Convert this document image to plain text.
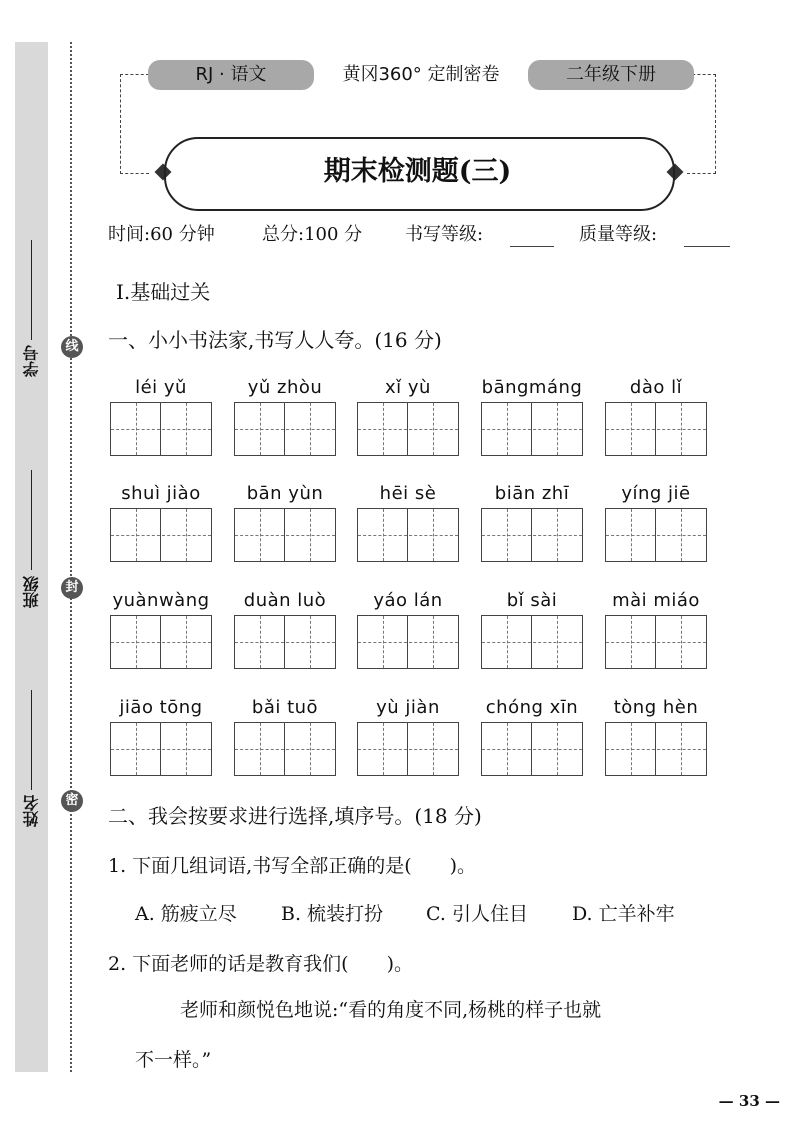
学号
班级
姓名
线
封
密
RJ · 语文	黄冈360° 定制密卷	二年级下册
期末检测题(三)
时间:60 分钟	总分:100 分 书写等级:	质量等级:
Ⅰ.基础过关
一、小小书法家,书写人人夸。(16 分)
léi yǔ	yǔ zhòu	xǐ yù	bāngmáng	dào lǐ
shuì jiào	bān yùn	hēi sè	biān zhī	yíng jiē
yuànwàng	duàn luò	yáo lán	bǐ sài	mài miáo
jiāo tōng	bǎi tuō	yù jiàn	chóng xīn	tòng hèn
二、我会按要求进行选择,填序号。(18 分)
1. 下面几组词语,书写全部正确的是(　　)。
A. 筋疲立尽 B. 梳装打扮 C. 引人住目 D. 亡羊补牢
2. 下面老师的话是教育我们(　　)。
老师和颜悦色地说:“看的角度不同,杨桃的样子也就
不一样。”
— 33 —
